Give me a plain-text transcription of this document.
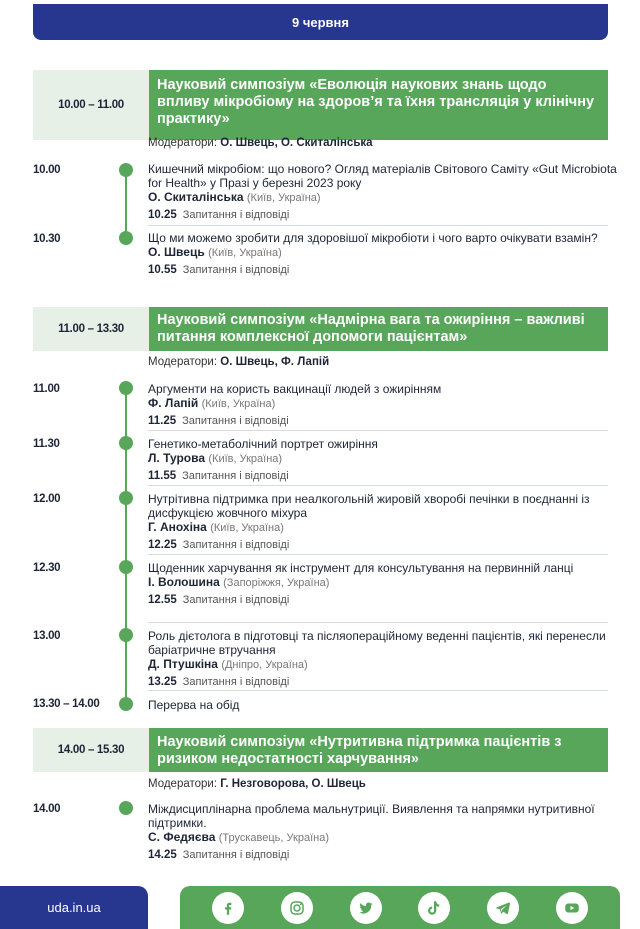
9 червня
10.00 – 11.00
Науковий симпозіум «Еволюція наукових знань щодо впливу мікробіому на здоров’я та їхня трансляція у клінічну практику»
Модератори: О. Швець, О. Скиталінська
10.00	Кишечний мікробіом: що нового? Огляд матеріалів Світового Саміту «Gut Microbiota for Health» у Празі у березні 2023 року
О. Скиталінська (Київ, Україна)
10.25 Запитання і відповіді
10.30	Що ми можемо зробити для здоровішої мікробіоти і чого варто очікувати взамін?
О. Швець (Київ, Україна)
10.55 Запитання і відповіді
11.00 – 13.30
Науковий симпозіум «Надмірна вага та ожиріння – важливі питання комплексної допомоги пацієнтам»
Модератори: О. Швець, Ф. Лапій
11.00	Аргументи на користь вакцинації людей з ожирінням
Ф. Лапій (Київ, Україна)
11.25 Запитання і відповіді
11.30	Генетико-метаболічний портрет ожиріння
Л. Турова (Київ, Україна)
11.55 Запитання і відповіді
12.00	Нутрітивна підтримка при неалкогольній жировій хворобі печінки в поєднанні із дисфукцією жовчного міхура
Г. Анохіна (Київ, Україна)
12.25 Запитання і відповіді
12.30	Щоденник харчування як інструмент для консультування на первинній ланці
І. Волошина (Запоріжжя, Україна)
12.55 Запитання і відповіді
13.00	Роль дієтолога в підготовці та післяопераційному веденні пацієнтів, які перенесли баріатричне втручання
Д. Птушкіна (Дніпро, Україна)
13.25 Запитання і відповіді
13.30 – 14.00	Перерва на обід
14.00 – 15.30	Науковий симпозіум «Нутритивна підтримка пацієнтів з ризиком недостатності харчування»
Модератори: Г. Незговорова, О. Швець
14.00	Міждисциплінарна проблема мальнутриції. Виявлення та напрямки нутритивної підтримки.
С. Федяєва (Трускавець, Україна)
14.25 Запитання і відповіді
uda.in.ua
